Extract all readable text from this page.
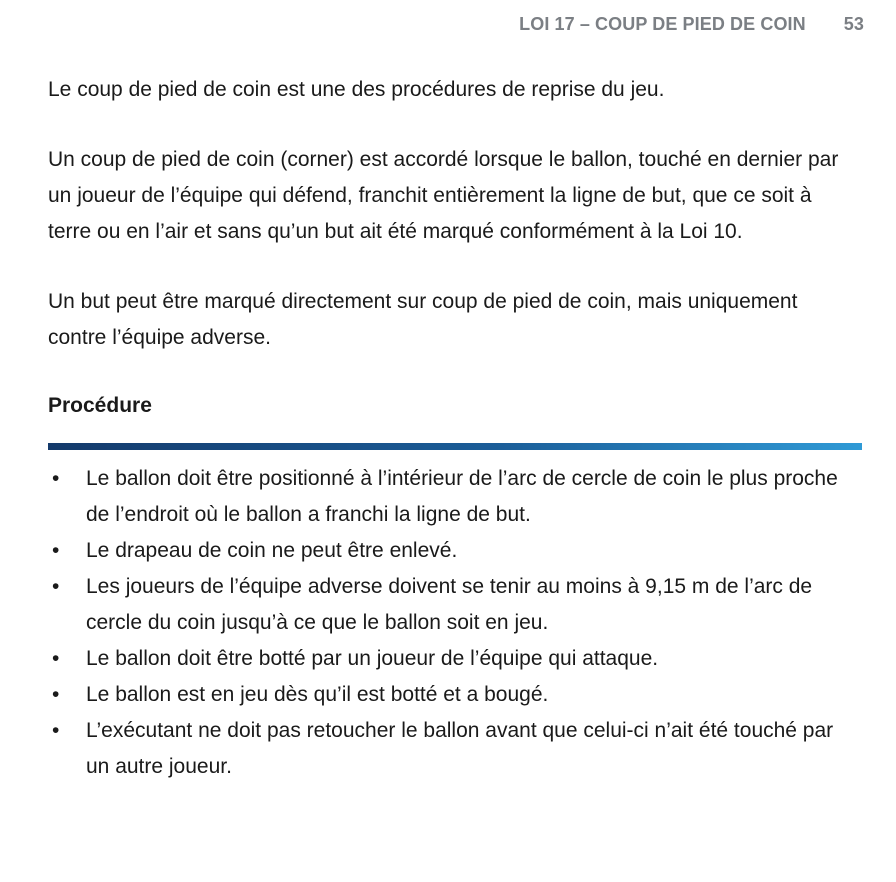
LOI 17 – COUP DE PIED DE COIN 53

Le coup de pied de coin est une des procédures de reprise du jeu.

Un coup de pied de coin (corner) est accordé lorsque le ballon, touché en dernier par un joueur de l’équipe qui défend, franchit entièrement la ligne de but, que ce soit à terre ou en l’air et sans qu’un but ait été marqué conformément à la Loi 10.

Un but peut être marqué directement sur coup de pied de coin, mais uniquement contre l’équipe adverse.

Procédure
• Le ballon doit être positionné à l’intérieur de l’arc de cercle de coin le plus proche de l’endroit où le ballon a franchi la ligne de but.
• Le drapeau de coin ne peut être enlevé.
• Les joueurs de l’équipe adverse doivent se tenir au moins à 9,15 m de l’arc de cercle du coin jusqu’à ce que le ballon soit en jeu.
• Le ballon doit être botté par un joueur de l’équipe qui attaque.
• Le ballon est en jeu dès qu’il est botté et a bougé.
• L’exécutant ne doit pas retoucher le ballon avant que celui-ci n’ait été touché par un autre joueur.
